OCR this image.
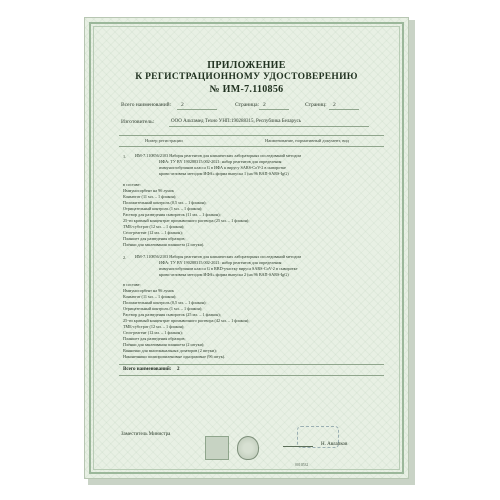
ПРИЛОЖЕНИЕ
К РЕГИСТРАЦИОННОМУ УДОСТОВЕРЕНИЮ
№ ИМ-7.110856
Всего наименований: 2	Страница: 2	Страниц: 2
Изготовитель:	ООО Альтамед Техно УНП:190288315, Республика Беларусь
Номер регистрации	Наименование, нормативный документ, вид
1. ИМ-7.110856/2103 Наборы реагентов для клинических лабораторных исследований методом
ИФА: ТУ BY 190288315.002-2021: набор реагентов для определения
иммуноглобулинов класса G в ИФА к вирусу SARS-CoV-2 в сыворотке
крови человека методом ИФА»:форма выпуска 1 (на 96 ВАП-SARS-IgG)
в составе:
Иммуносорбент на 96 лунок
Конъюгат (11 мл. – 1 флакон);
Положительный контроль (0,5 мл. – 1 флакон);
Отрицательный контроль (1 мл. – 1 флакон);
Раствор для разведения сывороток (11 мл. – 1 флакон);
25-ти кратный концентрат промывочного раствора (25 мл. – 1 флакон);
ТМБ-субстрат (12 мл. – 1 флакон);
Стоп-реагент (12 мл. – 1 флакон);
Планшет для разведения образцов;
Плёнки для заклеивания планшета (2 штуки).
2. ИМ-7.110856/2103 Наборы реагентов для клинических лабораторных исследований методом
ИФА: ТУ BY 190288315.002-2021: набор реагентов для определения
иммуноглобулинов класса G в RBD-участку вируса SARS-CoV-2 в сыворотке
крови человека методом ИФА»:форма выпуска 2 (на 96 ВАП-SARS-IgG)
в составе:
Иммуносорбент на 96 лунок
Конъюгат (11 мл. – 1 флакон);
Положительный контроль (0,5 мл. – 1 флакон);
Отрицательный контроль (1 мл. – 1 флакон);
Раствор для разведения сывороток (25 мл. – 1 флакон);
25-ти кратный концентрат промывочного раствора (42 мл. – 1 флакон);
ТМБ-субстрат (12 мл. – 1 флакон);
Стоп-реагент (12 мл. – 1 флакон);
Планшет для разведения образцов;
Плёнки для заклеивания планшета (2 штуки);
Ванночки для многоканальных дозаторов (2 штуки);
Наконечники полипропиленовые одноразовые (96 штук).
Всего наименований: 2
Заместитель Министра
Н. Авлапков
0010532
